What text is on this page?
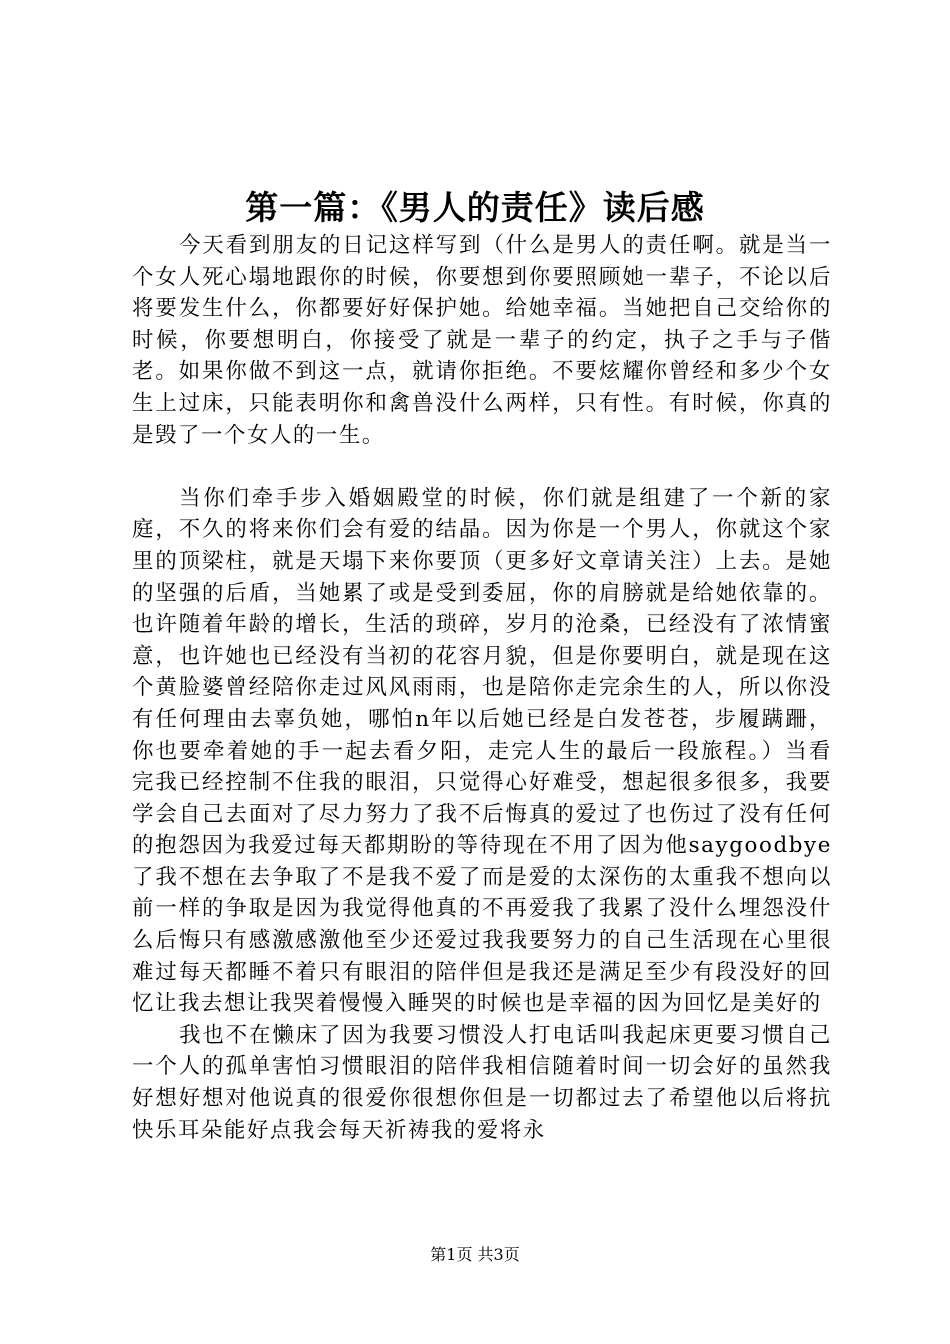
第一篇：《男人的责任》读后感

今天看到朋友的日记这样写到（什么是男人的责任啊。就是当一个女人死心塌地跟你的时候，你要想到你要照顾她一辈子，不论以后将要发生什么，你都要好好保护她。给她幸福。当她把自己交给你的时候，你要想明白，你接受了就是一辈子的约定，执子之手与子偕老。如果你做不到这一点，就请你拒绝。不要炫耀你曾经和多少个女生上过床，只能表明你和禽兽没什么两样，只有性。有时候，你真的是毁了一个女人的一生。

当你们牵手步入婚姻殿堂的时候，你们就是组建了一个新的家庭，不久的将来你们会有爱的结晶。因为你是一个男人，你就这个家里的顶梁柱，就是天塌下来你要顶（更多好文章请关注）上去。是她的坚强的后盾，当她累了或是受到委屈，你的肩膀就是给她依靠的。也许随着年龄的增长，生活的琐碎，岁月的沧桑，已经没有了浓情蜜意，也许她也已经没有当初的花容月貌，但是你要明白，就是现在这个黄脸婆曾经陪你走过风风雨雨，也是陪你走完余生的人，所以你没有任何理由去辜负她，哪怕n年以后她已经是白发苍苍，步履蹒跚，你也要牵着她的手一起去看夕阳，走完人生的最后一段旅程。）当看完我已经控制不住我的眼泪，只觉得心好难受，想起很多很多，我要学会自己去面对了尽力努力了我不后悔真的爱过了也伤过了没有任何的抱怨因为我爱过每天都期盼的等待现在不用了因为他saygoodbye了我不想在去争取了不是我不爱了而是爱的太深伤的太重我不想向以前一样的争取是因为我觉得他真的不再爱我了我累了没什么埋怨没什么后悔只有感激感激他至少还爱过我我要努力的自己生活现在心里很难过每天都睡不着只有眼泪的陪伴但是我还是满足至少有段没好的回忆让我去想让我哭着慢慢入睡哭的时候也是幸福的因为回忆是美好的

我也不在懒床了因为我要习惯没人打电话叫我起床更要习惯自己一个人的孤单害怕习惯眼泪的陪伴我相信随着时间一切会好的虽然我好想好想对他说真的很爱你很想你但是一切都过去了希望他以后将抗快乐耳朵能好点我会每天祈祷我的爱将永

第1页 共3页
